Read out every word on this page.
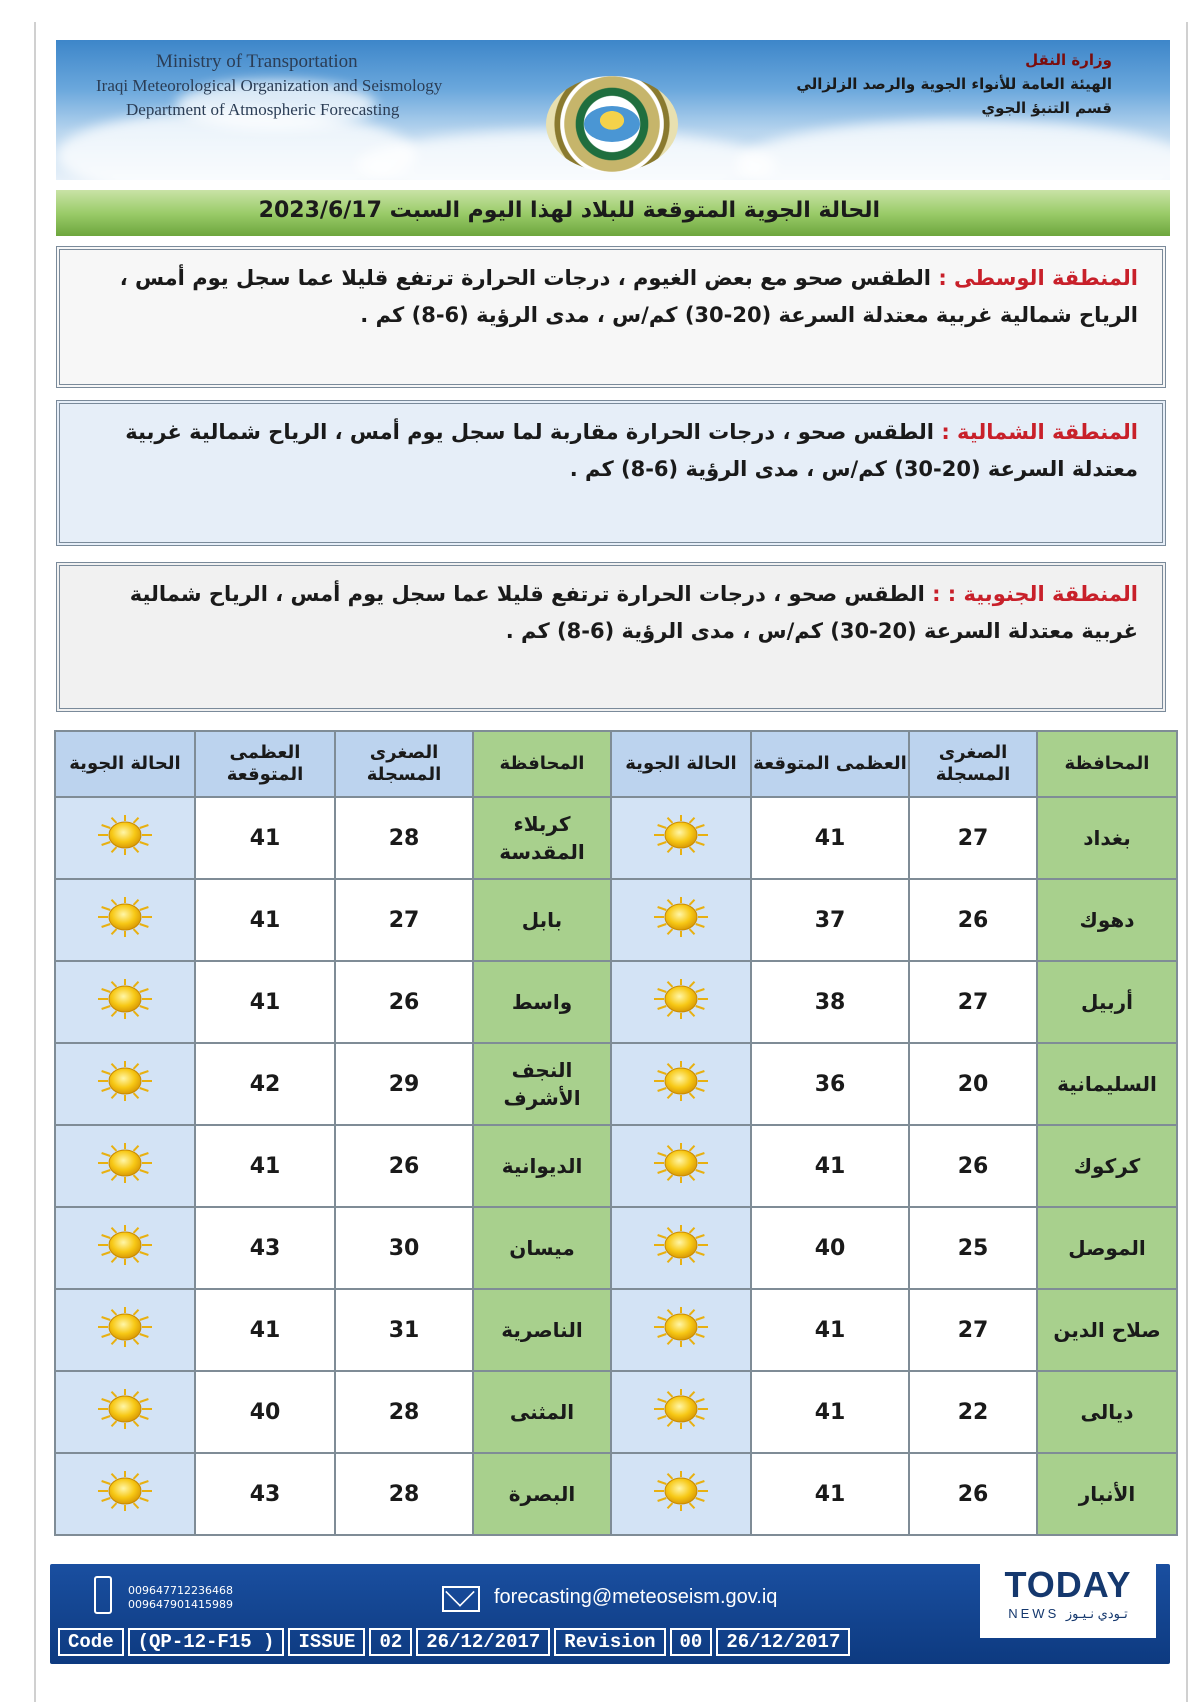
Ministry of Transportation
Iraqi Meteorological Organization and Seismology
Department of Atmospheric Forecasting
وزارة النقل
الهيئة العامة للأنواء الجوية والرصد الزلزالي
قسم التنبؤ الجوي
الحالة الجوية المتوقعة للبلاد لهذا اليوم السبت 2023/6/17
المنطقة الوسطى : الطقس صحو مع بعض الغيوم ، درجات الحرارة ترتفع قليلا عما سجل يوم أمس ، الرياح شمالية غربية معتدلة السرعة (20-30) كم/س ، مدى الرؤية (6-8) كم .
المنطقة الشمالية : الطقس صحو ، درجات الحرارة مقاربة لما سجل يوم أمس ، الرياح شمالية غربية معتدلة السرعة (20-30) كم/س ، مدى الرؤية (6-8) كم .
المنطقة الجنوبية : : الطقس صحو ، درجات الحرارة ترتفع قليلا عما سجل يوم أمس ، الرياح شمالية غربية معتدلة السرعة (20-30) كم/س ، مدى الرؤية (6-8) كم .
المحافظة	الصغرى المسجلة	العظمى المتوقعة	الحالة الجوية	المحافظة	الصغرى المسجلة	العظمى المتوقعة	الحالة الجوية
بغداد	27	41		كربلاء المقدسة	28	41	

دهوك	26	37		بابل	27	41	

أربيل	27	38		واسط	26	41	

السليمانية	20	36		النجف الأشرف	29	42	

كركوك	26	41		الديوانية	26	41	

الموصل	25	40		ميسان	30	43	

صلاح الدين	27	41		الناصرية	31	41	

ديالى	22	41		المثنى	28	40	

الأنبار	26	41		البصرة	28	43	
009647712236468
009647901415989	forecasting@meteoseism.gov.iq
Code	(QP-12-F15 )	ISSUE	02	26/12/2017	Revision	00	26/12/2017
TODAY
NEWS تـودي نـيـوز
